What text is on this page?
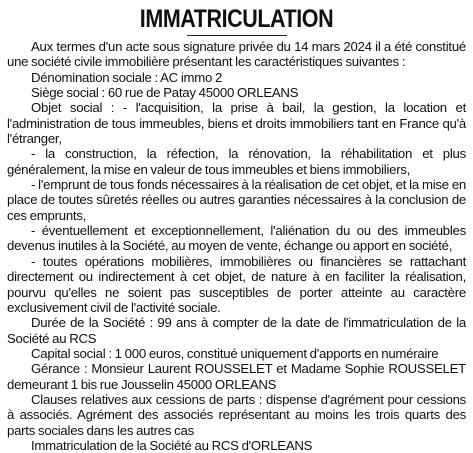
IMMATRICULATION

Aux termes d'un acte sous signature privée du 14 mars 2024 il a été constitué une société civile immobilière présentant les caractéristiques suivantes :

Dénomination sociale : AC immo 2

Siège social : 60 rue de Patay 45000 ORLEANS

Objet social : - l'acquisition, la prise à bail, la gestion, la location et l'administration de tous immeubles, biens et droits immobiliers tant en France qu'à l'étranger,

- la construction, la réfection, la rénovation, la réhabilitation et plus généralement, la mise en valeur de tous immeubles et biens immobiliers,

- l'emprunt de tous fonds nécessaires à la réalisation de cet objet, et la mise en place de toutes sûretés réelles ou autres garanties nécessaires à la conclusion de ces emprunts,

- éventuellement et exceptionnellement, l'aliénation du ou des immeubles devenus inutiles à la Société, au moyen de vente, échange ou apport en société,

- toutes opérations mobilières, immobilières ou financières se rattachant directement ou indirectement à cet objet, de nature à en faciliter la réalisation, pourvu qu'elles ne soient pas susceptibles de porter atteinte au caractère exclusivement civil de l'activité sociale.

Durée de la Société : 99 ans à compter de la date de l'immatriculation de la Société au RCS

Capital social : 1 000 euros, constitué uniquement d'apports en numéraire

Gérance : Monsieur Laurent ROUSSELET et Madame Sophie ROUSSELET demeurant 1 bis rue Jousselin 45000 ORLEANS

Clauses relatives aux cessions de parts : dispense d'agrément pour cessions à associés. Agrément des associés représentant au moins les trois quarts des parts sociales dans les autres cas

Immatriculation de la Société au RCS d'ORLEANS
